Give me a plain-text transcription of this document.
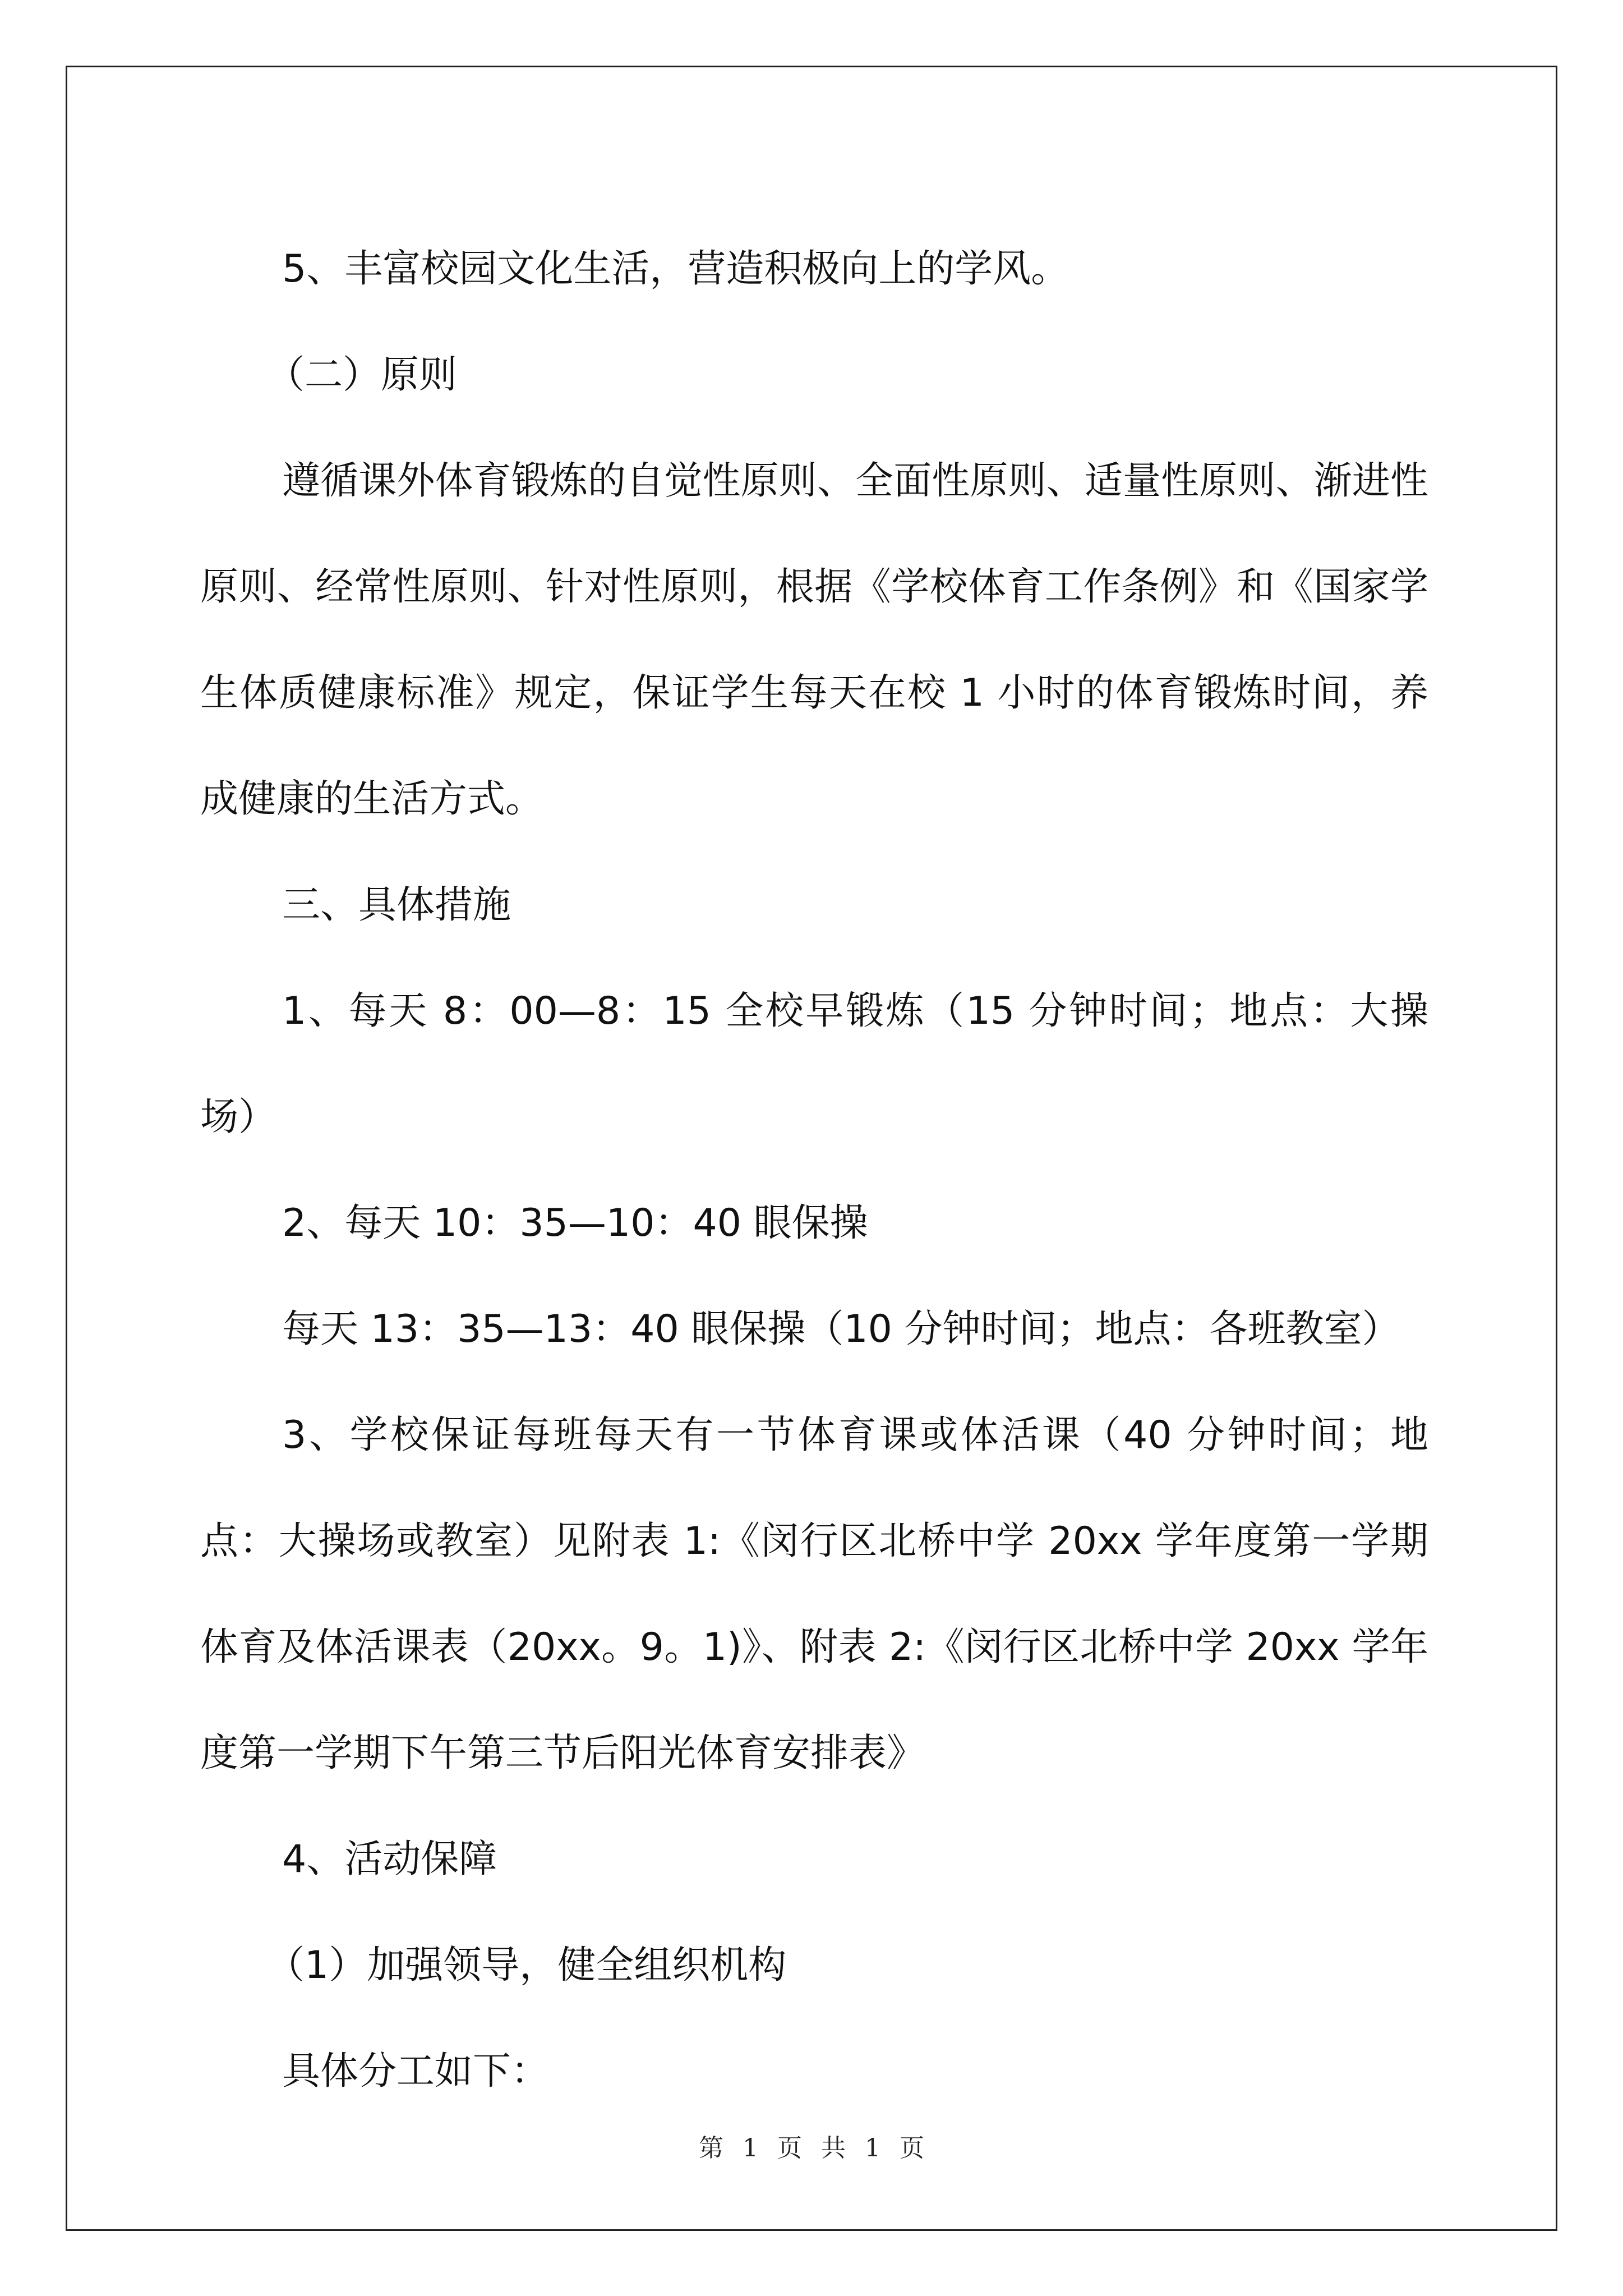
5、丰富校园文化生活，营造积极向上的学风。

（二）原则

遵循课外体育锻炼的自觉性原则、全面性原则、适量性原则、渐进性原则、经常性原则、针对性原则，根据《学校体育工作条例》和《国家学生体质健康标准》规定，保证学生每天在校 1 小时的体育锻炼时间，养成健康的生活方式。

三、具体措施

1、每天 8：00—8：15 全校早锻炼（15 分钟时间；地点：大操场）

2、每天 10：35—10：40 眼保操

每天 13：35—13：40 眼保操（10 分钟时间；地点：各班教室）

3、学校保证每班每天有一节体育课或体活课（40 分钟时间；地点：大操场或教室）见附表 1:《闵行区北桥中学 20xx 学年度第一学期体育及体活课表（20xx。9。1)》、附表 2:《闵行区北桥中学 20xx 学年度第一学期下午第三节后阳光体育安排表》

4、活动保障

（1）加强领导，健全组织机构

具体分工如下：

第 1 页 共 1 页
